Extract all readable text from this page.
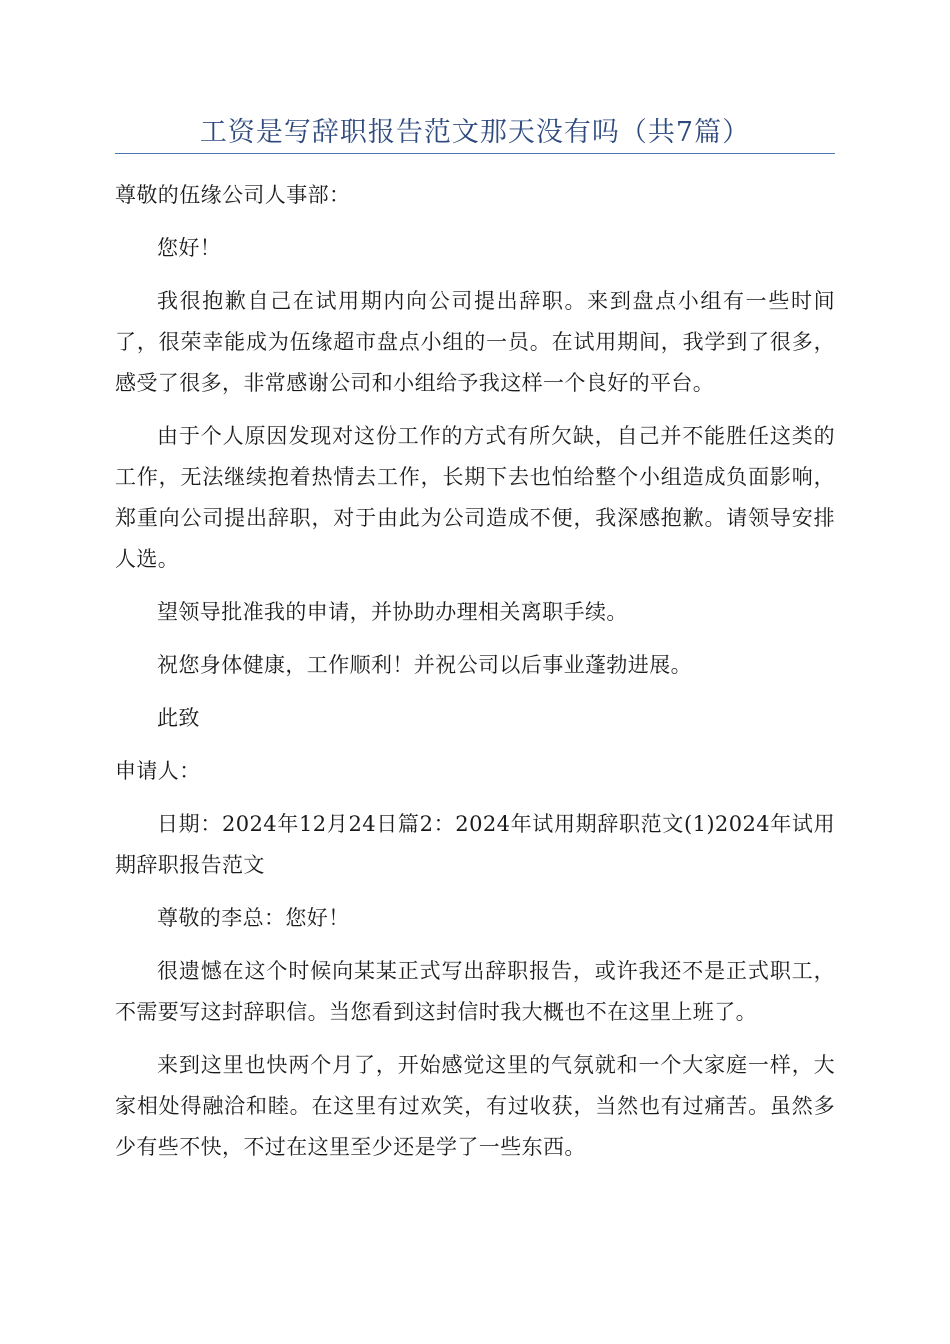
工资是写辞职报告范文那天没有吗（共7篇）

尊敬的伍缘公司人事部：

您好！

我很抱歉自己在试用期内向公司提出辞职。来到盘点小组有一些时间了，很荣幸能成为伍缘超市盘点小组的一员。在试用期间，我学到了很多，感受了很多，非常感谢公司和小组给予我这样一个良好的平台。

由于个人原因发现对这份工作的方式有所欠缺，自己并不能胜任这类的工作，无法继续抱着热情去工作，长期下去也怕给整个小组造成负面影响，郑重向公司提出辞职，对于由此为公司造成不便，我深感抱歉。请领导安排人选。

望领导批准我的申请，并协助办理相关离职手续。

祝您身体健康，工作顺利！并祝公司以后事业蓬勃进展。

此致

申请人：

日期：2024年12月24日篇2：2024年试用期辞职范文(1)2024年试用期辞职报告范文

尊敬的李总：您好！

很遗憾在这个时候向某某正式写出辞职报告，或许我还不是正式职工，不需要写这封辞职信。当您看到这封信时我大概也不在这里上班了。

来到这里也快两个月了，开始感觉这里的气氛就和一个大家庭一样，大家相处得融洽和睦。在这里有过欢笑，有过收获，当然也有过痛苦。虽然多少有些不快，不过在这里至少还是学了一些东西。
